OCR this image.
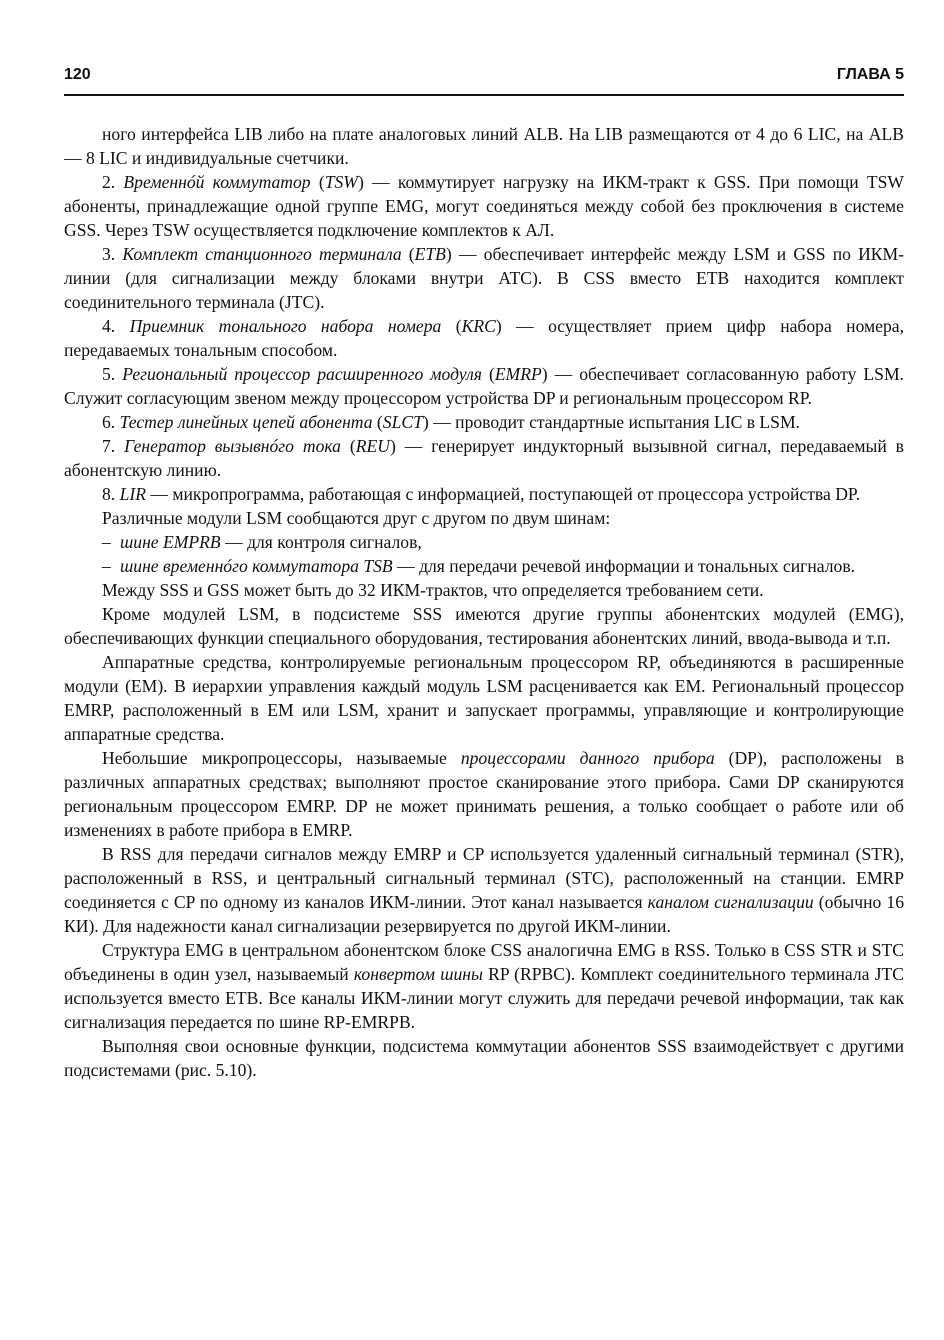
120	ГЛАВА 5

ного интерфейса LIB либо на плате аналоговых линий ALB. На LIB размещаются от 4 до 6 LIC, на ALB — 8 LIC и индивидуальные счетчики.

2. Временнóй коммутатор (TSW) — коммутирует нагрузку на ИКМ-тракт к GSS. При помощи TSW абоненты, принадлежащие одной группе EMG, могут соединяться между собой без проключения в системе GSS. Через TSW осуществляется подключение комплектов к АЛ.

3. Комплект станционного терминала (ETB) — обеспечивает интерфейс между LSM и GSS по ИКМ-линии (для сигнализации между блоками внутри АТС). В CSS вместо ETB находится комплект соединительного терминала (JTC).

4. Приемник тонального набора номера (KRC) — осуществляет прием цифр набора номера, передаваемых тональным способом.

5. Региональный процессор расширенного модуля (EMRP) — обеспечивает согласованную работу LSM. Служит согласующим звеном между процессором устройства DP и региональным процессором RP.

6. Тестер линейных цепей абонента (SLCT) — проводит стандартные испытания LIC в LSM.

7. Генератор вызывнóго тока (REU) — генерирует индукторный вызывной сигнал, передаваемый в абонентскую линию.

8. LIR — микропрограмма, работающая с информацией, поступающей от процессора устройства DP.

Различные модули LSM сообщаются друг с другом по двум шинам:

– шине EMPRB — для контроля сигналов,

– шине временнóго коммутатора TSB — для передачи речевой информации и тональных сигналов.

Между SSS и GSS может быть до 32 ИКМ-трактов, что определяется требованием сети.

Кроме модулей LSM, в подсистеме SSS имеются другие группы абонентских модулей (EMG), обеспечивающих функции специального оборудования, тестирования абонентских линий, ввода-вывода и т.п.

Аппаратные средства, контролируемые региональным процессором RP, объединяются в расширенные модули (EM). В иерархии управления каждый модуль LSM расценивается как EM. Региональный процессор EMRP, расположенный в EM или LSM, хранит и запускает программы, управляющие и контролирующие аппаратные средства.

Небольшие микропроцессоры, называемые процессорами данного прибора (DP), расположены в различных аппаратных средствах; выполняют простое сканирование этого прибора. Сами DP сканируются региональным процессором EMRP. DP не может принимать решения, а только сообщает о работе или об изменениях в работе прибора в EMRP.

В RSS для передачи сигналов между EMRP и CP используется удаленный сигнальный терминал (STR), расположенный в RSS, и центральный сигнальный терминал (STC), расположенный на станции. EMRP соединяется с CP по одному из каналов ИКМ-линии. Этот канал называется каналом сигнализации (обычно 16 КИ). Для надежности канал сигнализации резервируется по другой ИКМ-линии.

Структура EMG в центральном абонентском блоке CSS аналогична EMG в RSS. Только в CSS STR и STC объединены в один узел, называемый конвертом шины RP (RPBC). Комплект соединительного терминала JTC используется вместо ETB. Все каналы ИКМ-линии могут служить для передачи речевой информации, так как сигнализация передается по шине RP-EMRPB.

Выполняя свои основные функции, подсистема коммутации абонентов SSS взаимодействует с другими подсистемами (рис. 5.10).
